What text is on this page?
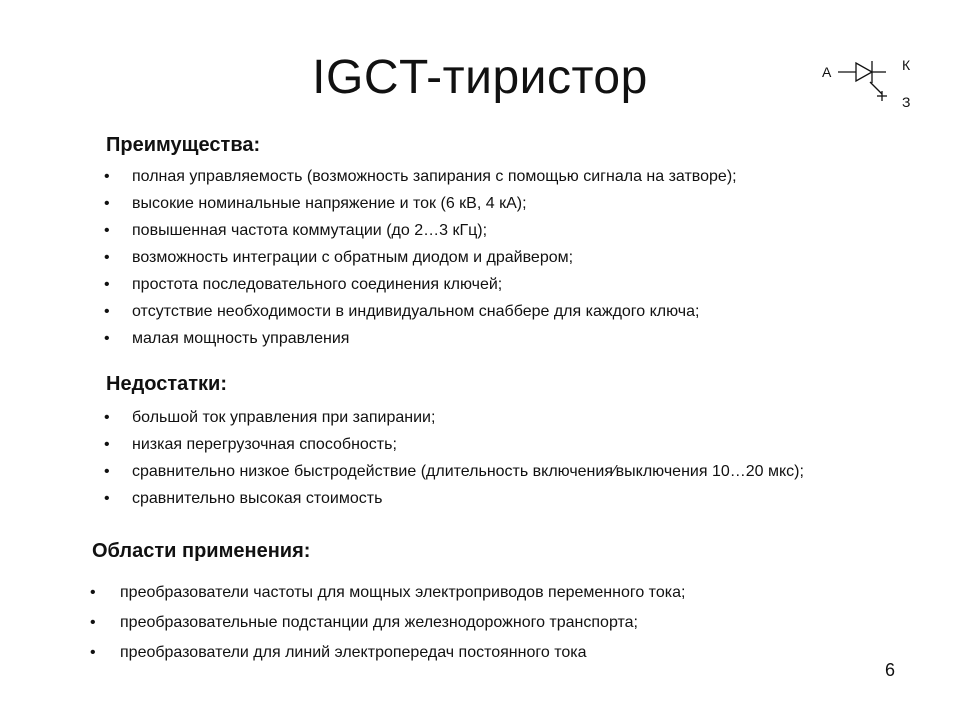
IGCT-тиристор	А	К
З
Преимущества:
• полная управляемость (возможность запирания с помощью сигнала на затворе);
• высокие номинальные напряжение и ток (6 кВ, 4 кА);
• повышенная частота коммутации (до 2…3 кГц);
• возможность интеграции с обратным диодом и драйвером;
• простота последовательного соединения ключей;
• отсутствие необходимости в индивидуальном снаббере для каждого ключа;
• малая мощность управления
Недостатки:
• большой ток управления при запирании;
• низкая перегрузочная способность;
• сравнительно низкое быстродействие (длительность включения⁄выключения 10…20 мкс);
• сравнительно высокая стоимость
Области применения:
• преобразователи частоты для мощных электроприводов переменного тока;
• преобразовательные подстанции для железнодорожного транспорта;
• преобразователи для линий электропередач постоянного тока
6
